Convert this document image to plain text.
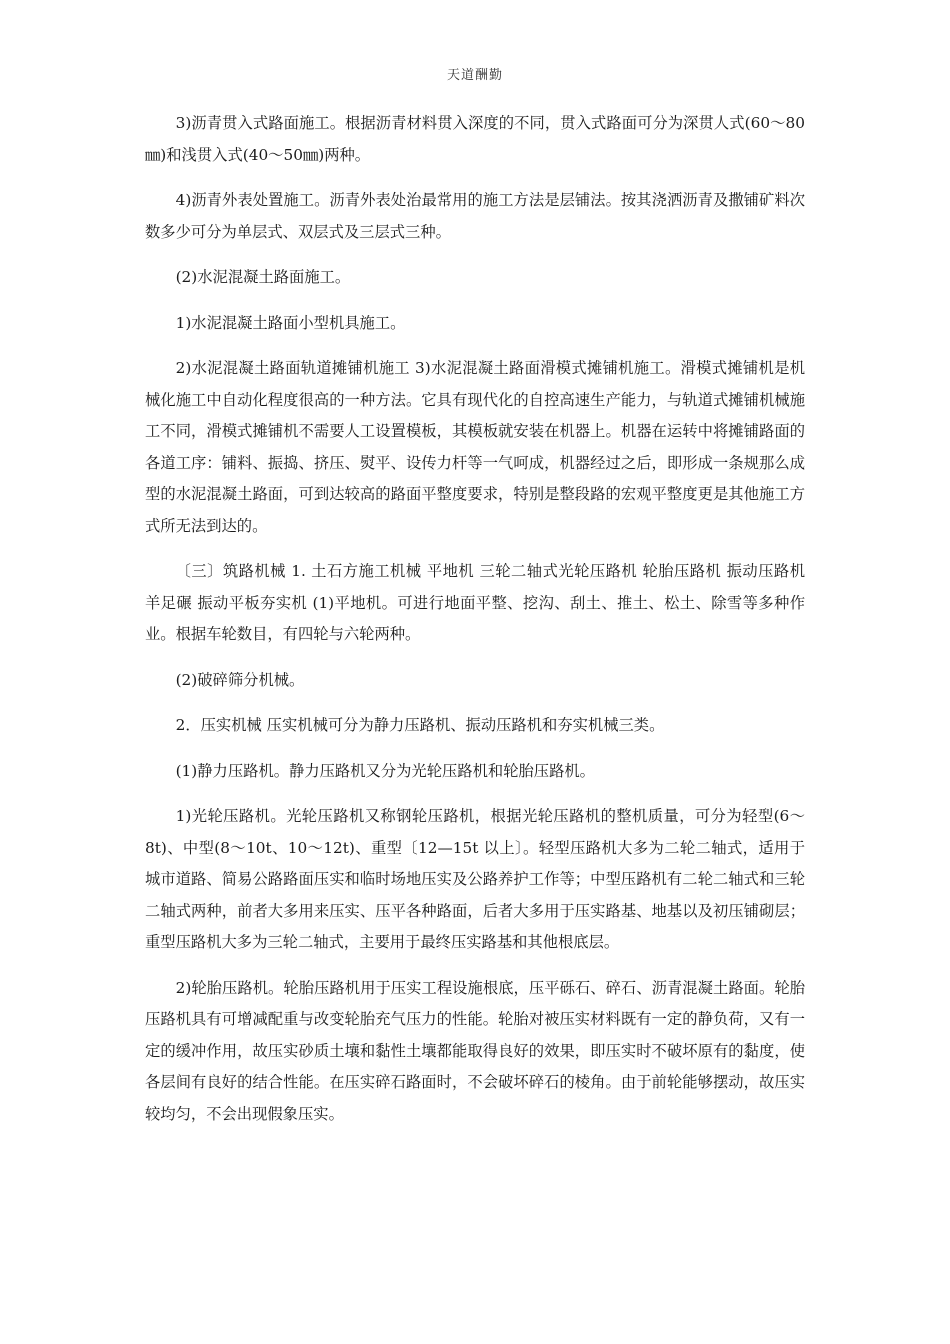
天道酬勤

3)沥青贯入式路面施工。根据沥青材料贯入深度的不同，贯入式路面可分为深贯人式(60～80㎜)和浅贯入式(40～50㎜)两种。

4)沥青外表处置施工。沥青外表处治最常用的施工方法是层铺法。按其浇洒沥青及撒铺矿料次数多少可分为单层式、双层式及三层式三种。

(2)水泥混凝土路面施工。

1)水泥混凝土路面小型机具施工。

2)水泥混凝土路面轨道摊铺机施工 3)水泥混凝土路面滑模式摊铺机施工。滑模式摊铺机是机械化施工中自动化程度很高的一种方法。它具有现代化的自控高速生产能力，与轨道式摊铺机械施工不同，滑模式摊铺机不需要人工设置模板，其模板就安装在机器上。机器在运转中将摊铺路面的各道工序：铺料、振捣、挤压、熨平、设传力杆等一气呵成，机器经过之后，即形成一条规那么成型的水泥混凝土路面，可到达较高的路面平整度要求，特别是整段路的宏观平整度更是其他施工方式所无法到达的。

〔三〕筑路机械 1. 土石方施工机械 平地机 三轮二轴式光轮压路机 轮胎压路机 振动压路机 羊足碾 振动平板夯实机 (1)平地机。可进行地面平整、挖沟、刮土、推土、松土、除雪等多种作业。根据车轮数目，有四轮与六轮两种。

(2)破碎筛分机械。

2．压实机械 压实机械可分为静力压路机、振动压路机和夯实机械三类。

(1)静力压路机。静力压路机又分为光轮压路机和轮胎压路机。

1)光轮压路机。光轮压路机又称钢轮压路机，根据光轮压路机的整机质量，可分为轻型(6～8t)、中型(8～10t、10～12t)、重型〔12—15t 以上〕。轻型压路机大多为二轮二轴式，适用于城市道路、简易公路路面压实和临时场地压实及公路养护工作等；中型压路机有二轮二轴式和三轮二轴式两种，前者大多用来压实、压平各种路面，后者大多用于压实路基、地基以及初压铺砌层；重型压路机大多为三轮二轴式，主要用于最终压实路基和其他根底层。

2)轮胎压路机。轮胎压路机用于压实工程设施根底，压平砾石、碎石、沥青混凝土路面。轮胎压路机具有可增减配重与改变轮胎充气压力的性能。轮胎对被压实材料既有一定的静负荷，又有一定的缓冲作用，故压实砂质土壤和黏性土壤都能取得良好的效果，即压实时不破坏原有的黏度，使各层间有良好的结合性能。在压实碎石路面时，不会破坏碎石的棱角。由于前轮能够摆动，故压实较均匀，不会出现假象压实。
